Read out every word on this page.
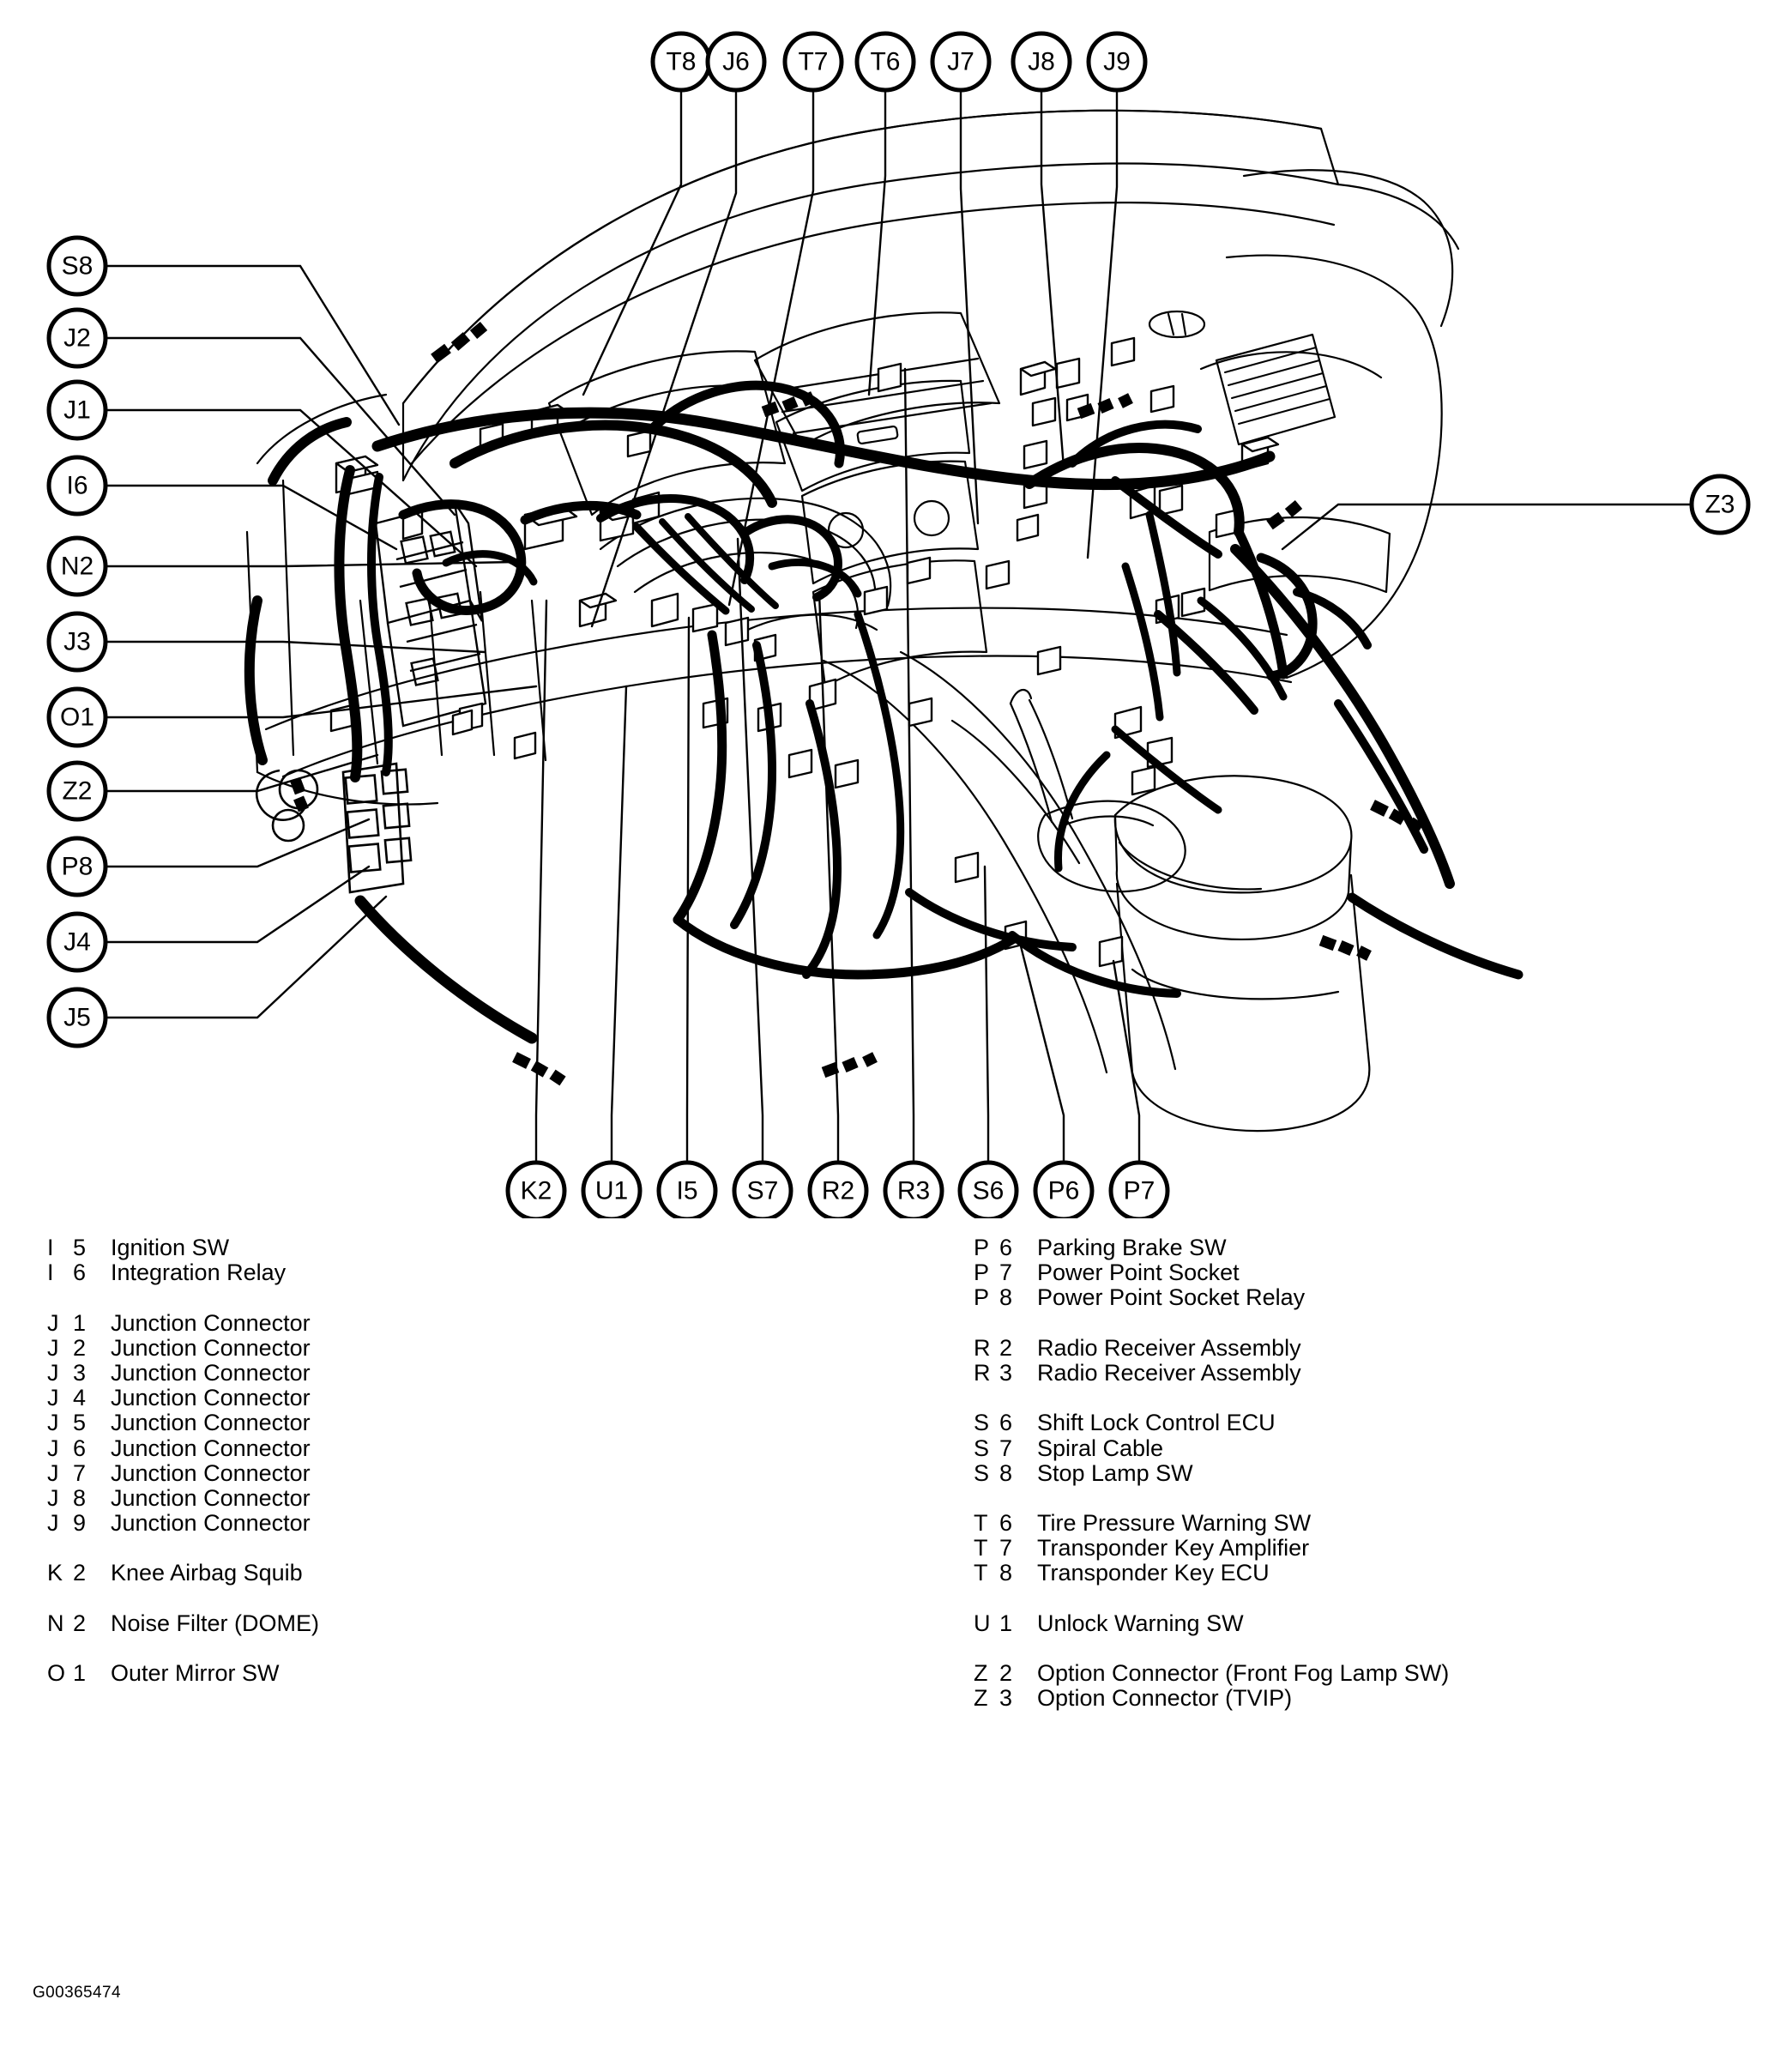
T8 J6 T7 T6 J7 J8 J9
S8
J2
J1
I6
N2
J3
O1
Z2
P8
J4
J5
Z3
K2 U1 I5 S7 R2 R3 S6 P6 P7
I 5	Ignition SW
I 6	Integration Relay
J 1	Junction Connector
J 2	Junction Connector
J 3	Junction Connector
J 4	Junction Connector
J 5	Junction Connector
J 6	Junction Connector
J 7	Junction Connector
J 8	Junction Connector
J 9	Junction Connector
K 2	Knee Airbag Squib
N 2	Noise Filter (DOME)
O 1	Outer Mirror SW
P 6	Parking Brake SW
P 7	Power Point Socket
P 8	Power Point Socket Relay
R 2	Radio Receiver Assembly
R 3	Radio Receiver Assembly
S 6	Shift Lock Control ECU
S 7	Spiral Cable
S 8	Stop Lamp SW
T 6	Tire Pressure Warning SW
T 7	Transponder Key Amplifier
T 8	Transponder Key ECU
U 1	Unlock Warning SW
Z 2	Option Connector (Front Fog Lamp SW)
Z 3	Option Connector (TVIP)
G00365474
